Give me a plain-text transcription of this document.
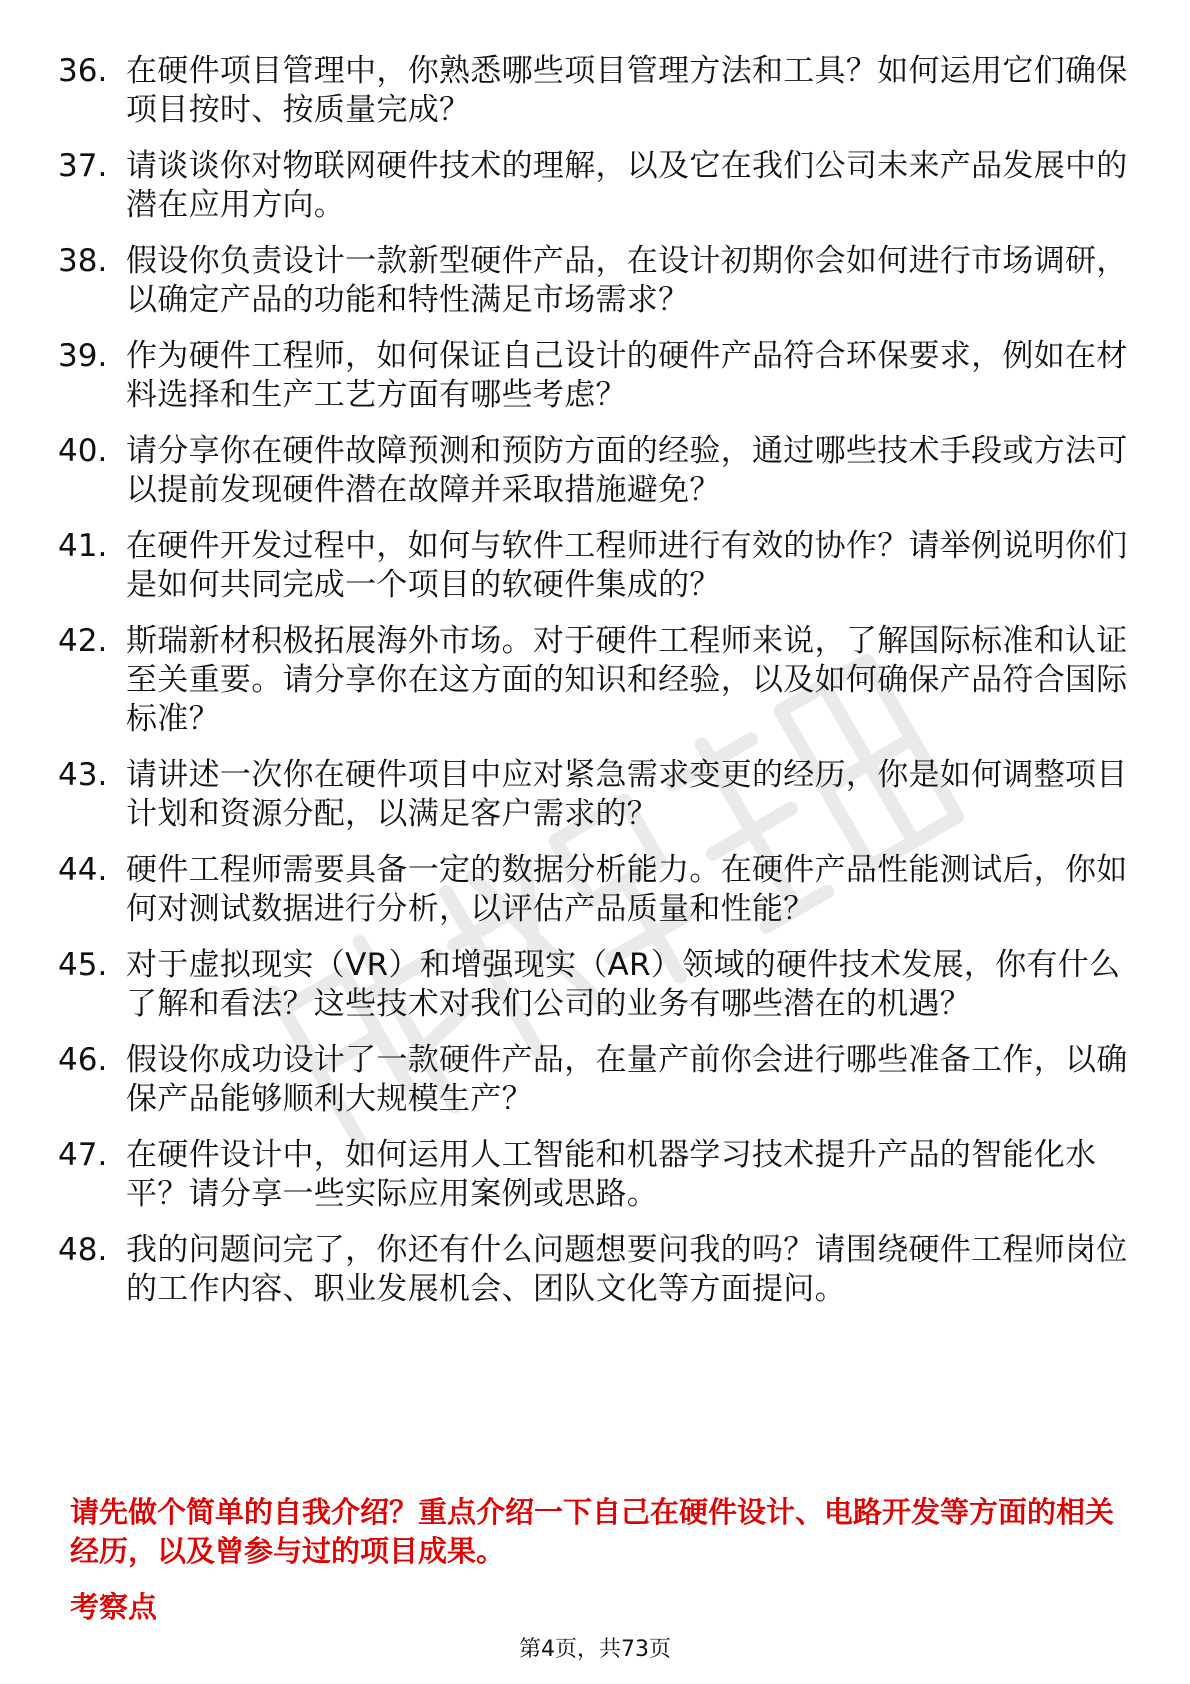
36. 在硬件项目管理中，你熟悉哪些项目管理方法和工具？如何运用它们确保项目按时、按质量完成？
37. 请谈谈你对物联网硬件技术的理解，以及它在我们公司未来产品发展中的潜在应用方向。
38. 假设你负责设计一款新型硬件产品，在设计初期你会如何进行市场调研，以确定产品的功能和特性满足市场需求？
39. 作为硬件工程师，如何保证自己设计的硬件产品符合环保要求，例如在材料选择和生产工艺方面有哪些考虑？
40. 请分享你在硬件故障预测和预防方面的经验，通过哪些技术手段或方法可以提前发现硬件潜在故障并采取措施避免？
41. 在硬件开发过程中，如何与软件工程师进行有效的协作？请举例说明你们是如何共同完成一个项目的软硬件集成的？
42. 斯瑞新材积极拓展海外市场。对于硬件工程师来说，了解国际标准和认证至关重要。请分享你在这方面的知识和经验，以及如何确保产品符合国际标准？
43. 请讲述一次你在硬件项目中应对紧急需求变更的经历，你是如何调整项目计划和资源分配，以满足客户需求的？
44. 硬件工程师需要具备一定的数据分析能力。在硬件产品性能测试后，你如何对测试数据进行分析，以评估产品质量和性能？
45. 对于虚拟现实（VR）和增强现实（AR）领域的硬件技术发展，你有什么了解和看法？这些技术对我们公司的业务有哪些潜在的机遇？
46. 假设你成功设计了一款硬件产品，在量产前你会进行哪些准备工作，以确保产品能够顺利大规模生产？
47. 在硬件设计中，如何运用人工智能和机器学习技术提升产品的智能化水平？请分享一些实际应用案例或思路。
48. 我的问题问完了，你还有什么问题想要问我的吗？请围绕硬件工程师岗位的工作内容、职业发展机会、团队文化等方面提问。
请先做个简单的自我介绍？重点介绍一下自己在硬件设计、电路开发等方面的相关经历，以及曾参与过的项目成果。
考察点
第4页，共73页
